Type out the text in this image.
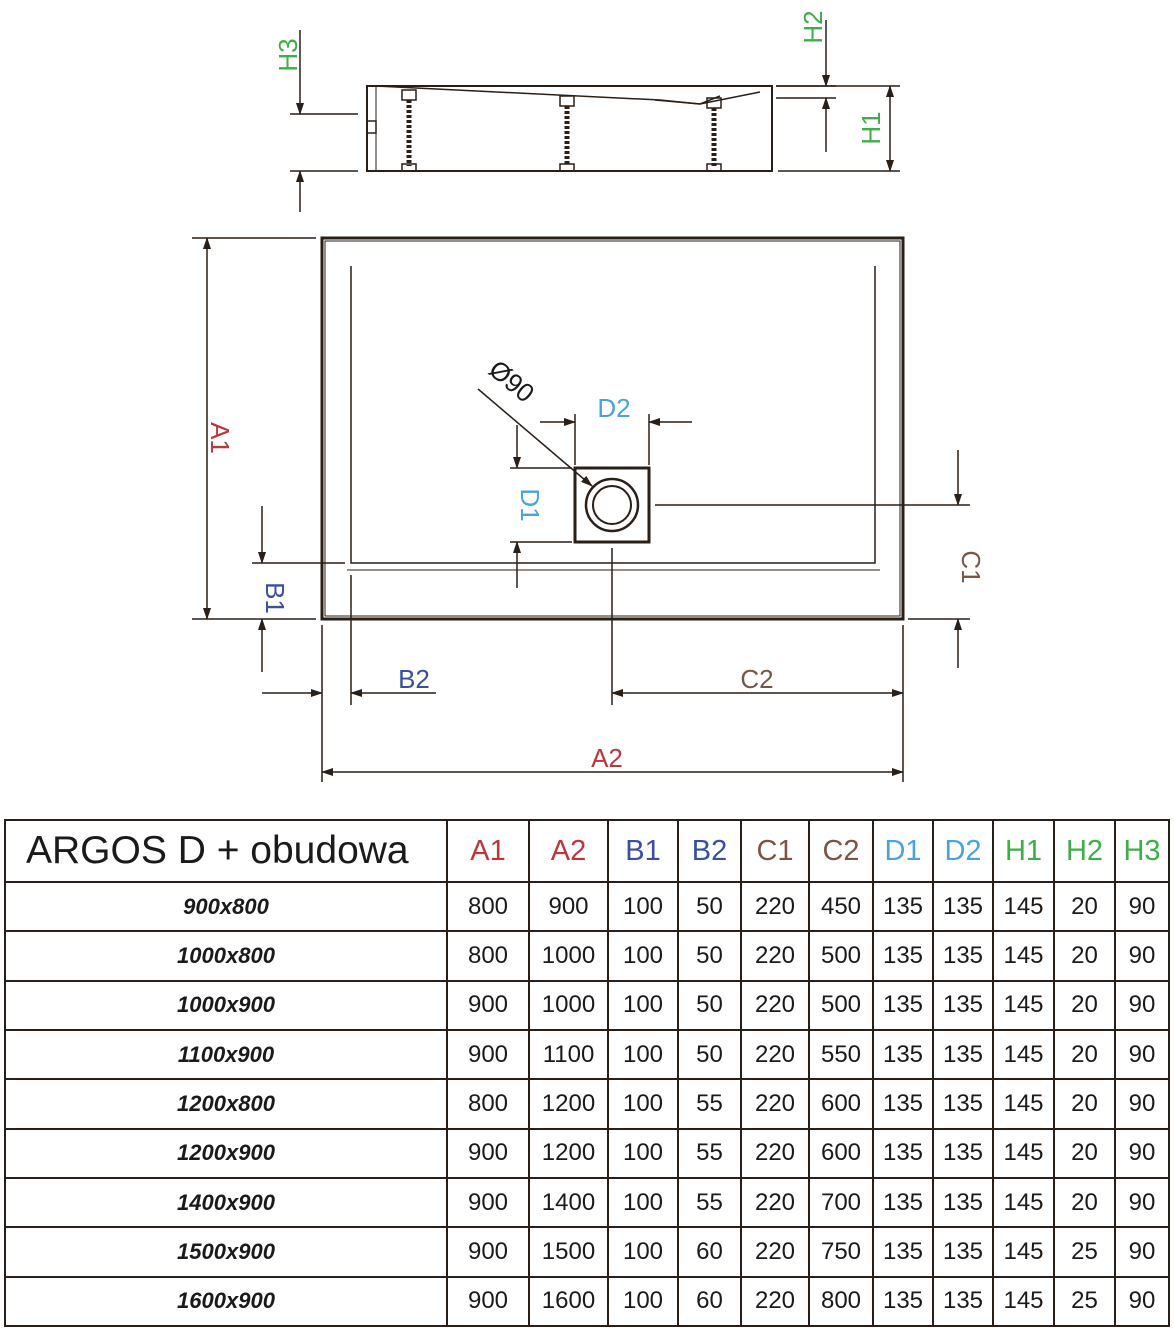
H3
H2
H1
A1
B1
B2
C1
C2
A2
D1
D2
Ø90
ARGOS D + obudowa	A1	A2	B1	B2	C1	C2	D1	D2	H1	H2	H3
900x800	800	900	100	50	220	450	135	135	145	20	90
1000x800	800	1000	100	50	220	500	135	135	145	20	90
1000x900	900	1000	100	50	220	500	135	135	145	20	90
1100x900	900	1100	100	50	220	550	135	135	145	20	90
1200x800	800	1200	100	55	220	600	135	135	145	20	90
1200x900	900	1200	100	55	220	600	135	135	145	20	90
1400x900	900	1400	100	55	220	700	135	135	145	20	90
1500x900	900	1500	100	60	220	750	135	135	145	25	90
1600x900	900	1600	100	60	220	800	135	135	145	25	90
